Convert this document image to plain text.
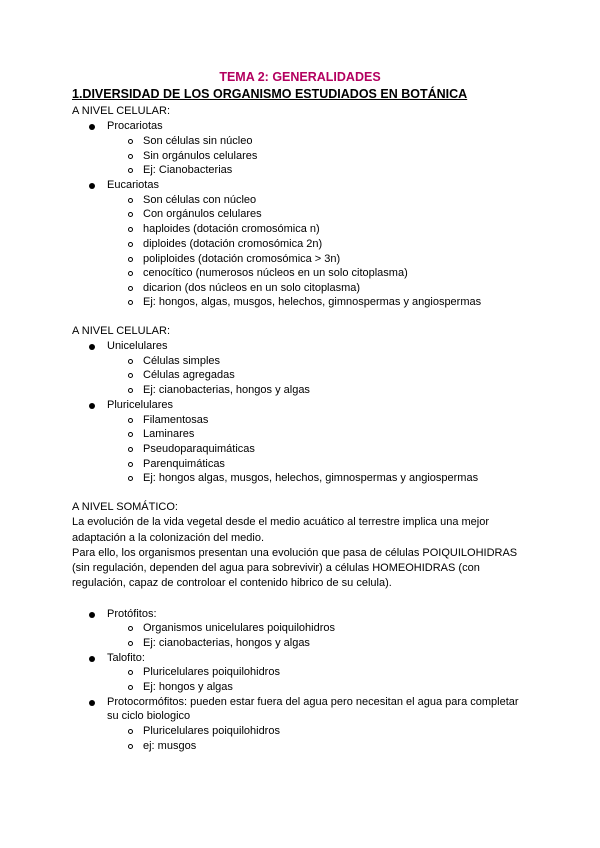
TEMA 2: GENERALIDADES
1.DIVERSIDAD DE LOS ORGANISMO ESTUDIADOS EN BOTÁNICA
A NIVEL CELULAR:
Procariotas
Son células sin núcleo
Sin orgánulos celulares
Ej: Cianobacterias
Eucariotas
Son células con núcleo
Con orgánulos celulares
haploides (dotación cromosómica n)
diploides (dotación cromosómica 2n)
poliploides (dotación cromosómica > 3n)
cenocítico (numerosos núcleos en un solo citoplasma)
dicarion (dos núcleos en un solo citoplasma)
Ej: hongos, algas, musgos, helechos, gimnospermas y angiospermas
A NIVEL CELULAR:
Unicelulares
Células simples
Células agregadas
Ej: cianobacterias, hongos y algas
Pluricelulares
Filamentosas
Laminares
Pseudoparaquimáticas
Parenquimáticas
Ej: hongos algas, musgos, helechos, gimnospermas y angiospermas
A NIVEL SOMÁTICO:
La evolución de la vida vegetal desde el medio acuático al terrestre implica una mejor
adaptación a la colonización del medio.
Para ello, los organismos presentan una evolución que pasa de células POIQUILOHIDRAS
(sin regulación, dependen del agua para sobrevivir) a células HOMEOHIDRAS (con
regulación, capaz de controloar el contenido hibrico de su celula).
Protófitos:
Organismos unicelulares poiquilohidros
Ej: cianobacterias, hongos y algas
Talofito:
Pluricelulares poiquilohidros
Ej: hongos y algas
Protocormófitos: pueden estar fuera del agua pero necesitan el agua para completar
su ciclo biologico
Pluricelulares poiquilohidros
ej: musgos
